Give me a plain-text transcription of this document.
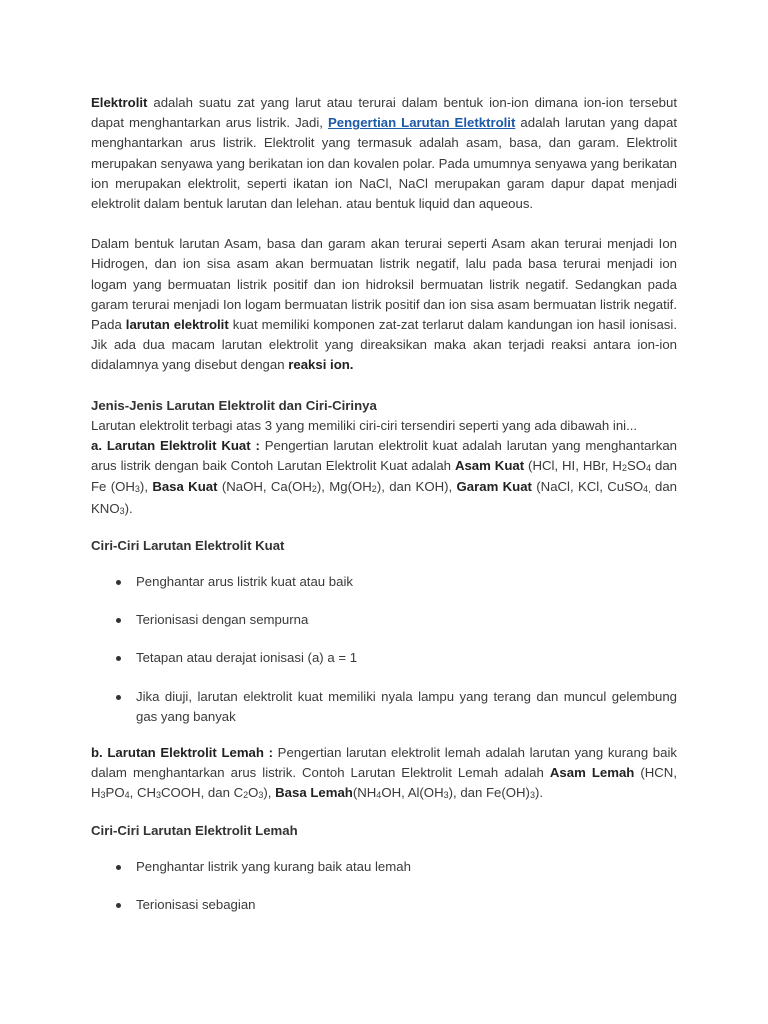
Elektrolit adalah suatu zat yang larut atau terurai dalam bentuk ion-ion dimana ion-ion tersebut dapat menghantarkan arus listrik. Jadi, Pengertian Larutan Eletktrolit adalah larutan yang dapat menghantarkan arus listrik. Elektrolit yang termasuk adalah asam, basa, dan garam. Elektrolit merupakan senyawa yang berikatan ion dan kovalen polar. Pada umumnya senyawa yang berikatan ion merupakan elektrolit, seperti ikatan ion NaCl, NaCl merupakan garam dapur dapat menjadi elektrolit dalam bentuk larutan dan lelehan. atau bentuk liquid dan aqueous.

Dalam bentuk larutan Asam, basa dan garam akan terurai seperti Asam akan terurai menjadi Ion Hidrogen, dan ion sisa asam akan bermuatan listrik negatif, lalu pada basa terurai menjadi ion logam yang bermuatan listrik positif dan ion hidroksil bermuatan listrik negatif. Sedangkan pada garam terurai menjadi Ion logam bermuatan listrik positif dan ion sisa asam bermuatan listrik negatif. Pada larutan elektrolit kuat memiliki komponen zat-zat terlarut dalam kandungan ion hasil ionisasi. Jik ada dua macam larutan elektrolit yang direaksikan maka akan terjadi reaksi antara ion-ion didalamnya yang disebut dengan reaksi ion.

Jenis-Jenis Larutan Elektrolit dan Ciri-Cirinya

Larutan elektrolit terbagi atas 3 yang memiliki ciri-ciri tersendiri seperti yang ada dibawah ini...

a. Larutan Elektrolit Kuat : Pengertian larutan elektrolit kuat adalah larutan yang menghantarkan arus listrik dengan baik Contoh Larutan Elektrolit Kuat adalah Asam Kuat (HCl, HI, HBr, $H_2SO_4$ dan Fe $(OH_3)$, Basa Kuat (NaOH, $Ca(OH_2)$, $Mg(OH_2)$, dan KOH), Garam Kuat (NaCl, KCl, CuSO$_{4,}$ dan $KNO_3$).

Ciri-Ciri Larutan Elektrolit Kuat

Penghantar arus listrik kuat atau baik
Terionisasi dengan sempurna
Tetapan atau derajat ionisasi (a) a = 1
Jika diuji, larutan elektrolit kuat memiliki nyala lampu yang terang dan muncul gelembung gas yang banyak

b. Larutan Elektrolit Lemah : Pengertian larutan elektrolit lemah adalah larutan yang kurang baik dalam menghantarkan arus listrik. Contoh Larutan Elektrolit Lemah adalah Asam Lemah (HCN, $H_3PO_4$, $CH_3COOH$, dan $C_2O_3$), Basa $Lemah(NH_4OH$, $Al(OH_3)$, dan $Fe(OH)_3$).

Ciri-Ciri Larutan Elektrolit Lemah

Penghantar listrik yang kurang baik atau lemah
Terionisasi sebagian
